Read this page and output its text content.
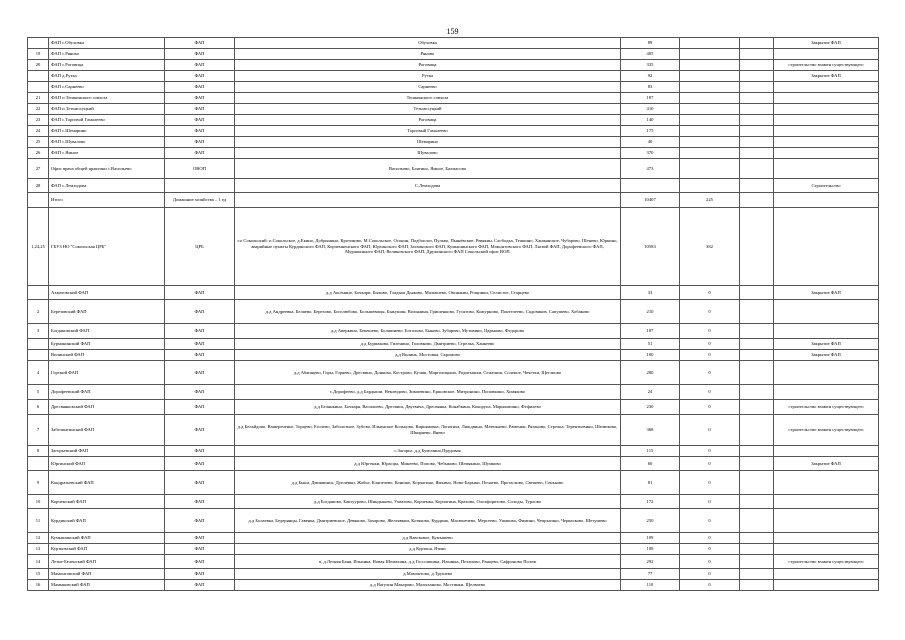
159
	ФАП с.Обуховка	ФАП	Обуховка	89			Закрытие ФАП
19	ФАП с.Ряново	ФАП	Ряново	405			
20	ФАП с.Роговица	ФАП	Роговица	335			строительство взамен существующего
	ФАП д.Рутка	ФАП	Рутка	92			Закрытие ФАП
	ФАП с.Сарнеево	ФАП	Сарнеево	83			
21	ФАП п.Тешкинского совхоза	ФАП	Тешкинского совхоза	187			
22	ФАП п.Тетьмосуцкий	ФАП	Тетьмосуцкий	410			
23	ФАП с.Торговой Гамалеево	ФАП	Роговица	140			
24	ФАП с.Шемарино	ФАП	Торговый Гамалеево	175			
25	ФАП с.Шувалово	ФАП	Шемарино	40			
26	ФАП с.Ямное	ФАП	Шувалово	370			
27	Офис врача общей практики с.Васильево	ОВОП	Васильево, Блятино, Ямное, Балмасово	473			
28	ФАП с.Лемходова		С.Лемходова				Строительство
	Итого	Домашние хозяйства – 1 ед		10407	225		
1,24,25	ГБУЗ НО "Сокольская ЦРБ"	ЦРБ	г.о Сокольский: п.Сокольское, д.Екино, Добрынино, Кротиково, М.Сокольское, Осокин, Подбоплот, Пульво, Пьянёвские, Ревякин, Слободка, Тешкино, Ханжанское, Чубарово, Шенево, Юркино, аварийные пункты Курдинского ФАП, Корчемненского ФАП, Юргинского ФАП, Загаинского ФАП, Кумышинского ФАП, Мамонтовского ФАП, Лягвой ФАП, Дорофеевского ФАП, Мурашкиного ФАП, Великовского ФАП, Дружинского ФАП Сокольский офис ВОП	10583	382		
	Ахматовский ФАП	ФАП	д.д Аксёнино, Бочкари, Быково, Гладыш Дьяково, Малышево, Овсянкин, Рощинки, Селистое, Старцево	33	0		Закрытие ФАП
2	Березовский ФАП	ФАП	д.д Андреевка, Беляево, Березово, Боголюбово, Большевицы, Быкушин, Волынина, Гришенково, Гусятово, Кожурново, Понтелеево, Садовиков, Сапушево, Хобаково	210	0		
3	Богдановский ФАП	ФАП	д.д Аверкино, Бекешево, Болшинево, Боталово, Быково, Зубарево, Мутовино, Царьково, Федорово	187	0		
	Бурмакинский ФАП	ФАП	д.д Бурмакова, Гиленино, Головково, Дмитриево, Стрелка, Ханкеево	51	0		Закрытие ФАП
	Вилинский ФАП	ФАП	д.д Вилинь, Мостовка, Скромово	100	0		Закрытие ФАП
4	Горский ФАП	ФАП	д.д Абаищево, Горы, Горяево, Дресвино, Донково, Кострово, Кузяш, Марголицыно, Родитышки, Сежелиш, Соленое, Чечетки, Щеглиово	280	0		
5	Дорофеевский ФАП	ФАП	с.Дорофеево, д.д Бардыши, Неклюдово, Зимпевино, Ершовское, Митронино, Поповкино, Хомяково	24	0		
6	Дресвянковский ФАП	ФАП	д.д Белянкино, Бочкаря, Васильево, Дресвиш, Двугвича, Дресвянка, Конабкина, Кокорупа, Марыкипино, Фефилево	230	0		строительство взамен существующего
7	Забелинтинский ФАП	ФАП	д.д Бельйдово, Вашереченье, Торцево, Еголево, Заболотное, Зубово, Ильинское Кольцово, Кирьяновка, Лопатиха, Лиждвино, Матюкаево, Раменки, Рязаново, Стрелка, Терентьевино, Шелюково, Шкиряево, Янево	368	0		строительство взамен существующего
8	Загорьевский ФАП	ФАП	с.Загорье, д.д Бумочино,Прудовая	115	0		
	Юргинский ФАП	ФАП	д.д Юргенки, Юрасцы, Минеево, Попово, Чебыково, Шемякино, Шумково	60	0		Закрытие ФАП
9	Кондратьевский ФАП	ФАП	д.д Быки, Дмиквинск, Дуплёвки, Жабье, Кляпечево, Коншко, Корчагино, Ямкино, Ново-Барыки, Почаево, Протасково, Свешево, Сеньково	81	0		
10	Корчемский ФАП	ФАП	д.д Богданово, Бактуурово, Шиндыково, Ухватово, Корчемка, Корчагина, Крахово, Олохфоритово, Солоды, Турлово	172	0		
11	Курдинский ФАП	ФАП	д.д Болаевка, Бедерянцы, Гавенка, Дмитриевское, Девяково, Захарово, Желтявкин, Котяково, Курдино, Масюнечево, Мерсеево, Ушаково, Фимино, Чепрыгино, Черкасково, Шетушево	250	0		
12	Кумышинский ФАП	ФАП	д.д Вавсковое, Кумышево	109	0		
13	Куртковский ФАП	ФАП	д.д Курткоя, Ятико	108	0		
14	Летне-Беленский ФАП	ФАП	п. д.Летняя Баня, Ильинка, Новая Шемахина, д.д Госсошкина, Ильинка, Потапово, Ранцево, Сафроново Полеж	292	0		строительство взамен существующего
15	Мамонтовский ФАП	ФАП	д.Мамонтово, д.Трушева	77	0		
16	Мамыковский ФАП	ФАП	д.д Вагулин Макарово, Малыханово, Мостинки, Щелваево	110	0		
